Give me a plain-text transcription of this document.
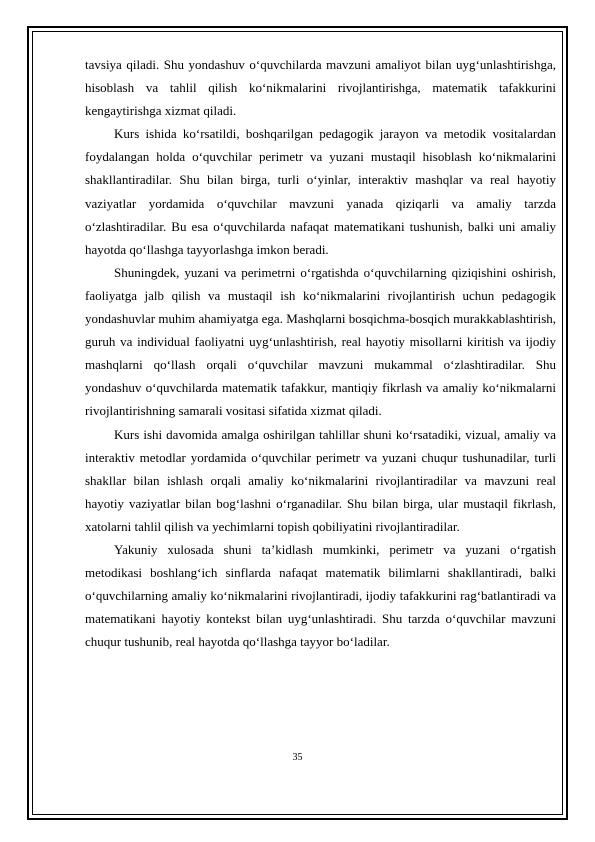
tavsiya qiladi. Shu yondashuv o‘quvchilarda mavzuni amaliyot bilan uyg‘unlashtirishga, hisoblash va tahlil qilish ko‘nikmalarini rivojlantirishga, matematik tafakkurini kengaytirishga xizmat qiladi.

Kurs ishida ko‘rsatildi, boshqarilgan pedagogik jarayon va metodik vositalardan foydalangan holda o‘quvchilar perimetr va yuzani mustaqil hisoblash ko‘nikmalarini shakllantiradilar. Shu bilan birga, turli o‘yinlar, interaktiv mashqlar va real hayotiy vaziyatlar yordamida o‘quvchilar mavzuni yanada qiziqarli va amaliy tarzda o‘zlashtiradilar. Bu esa o‘quvchilarda nafaqat matematikani tushunish, balki uni amaliy hayotda qo‘llashga tayyorlashga imkon beradi.

Shuningdek, yuzani va perimetrni o‘rgatishda o‘quvchilarning qiziqishini oshirish, faoliyatga jalb qilish va mustaqil ish ko‘nikmalarini rivojlantirish uchun pedagogik yondashuvlar muhim ahamiyatga ega. Mashqlarni bosqichma-bosqich murakkablashtirish, guruh va individual faoliyatni uyg‘unlashtirish, real hayotiy misollarni kiritish va ijodiy mashqlarni qo‘llash orqali o‘quvchilar mavzuni mukammal o‘zlashtiradilar. Shu yondashuv o‘quvchilarda matematik tafakkur, mantiqiy fikrlash va amaliy ko‘nikmalarni rivojlantirishning samarali vositasi sifatida xizmat qiladi.

Kurs ishi davomida amalga oshirilgan tahlillar shuni ko‘rsatadiki, vizual, amaliy va interaktiv metodlar yordamida o‘quvchilar perimetr va yuzani chuqur tushunadilar, turli shakllar bilan ishlash orqali amaliy ko‘nikmalarini rivojlantiradilar va mavzuni real hayotiy vaziyatlar bilan bog‘lashni o‘rganadilar. Shu bilan birga, ular mustaqil fikrlash, xatolarni tahlil qilish va yechimlarni topish qobiliyatini rivojlantiradilar.

Yakuniy xulosada shuni ta’kidlash mumkinki, perimetr va yuzani o‘rgatish metodikasi boshlang‘ich sinflarda nafaqat matematik bilimlarni shakllantiradi, balki o‘quvchilarning amaliy ko‘nikmalarini rivojlantiradi, ijodiy tafakkurini rag‘batlantiradi va matematikani hayotiy kontekst bilan uyg‘unlashtiradi. Shu tarzda o‘quvchilar mavzuni chuqur tushunib, real hayotda qo‘llashga tayyor bo‘ladilar.

35
